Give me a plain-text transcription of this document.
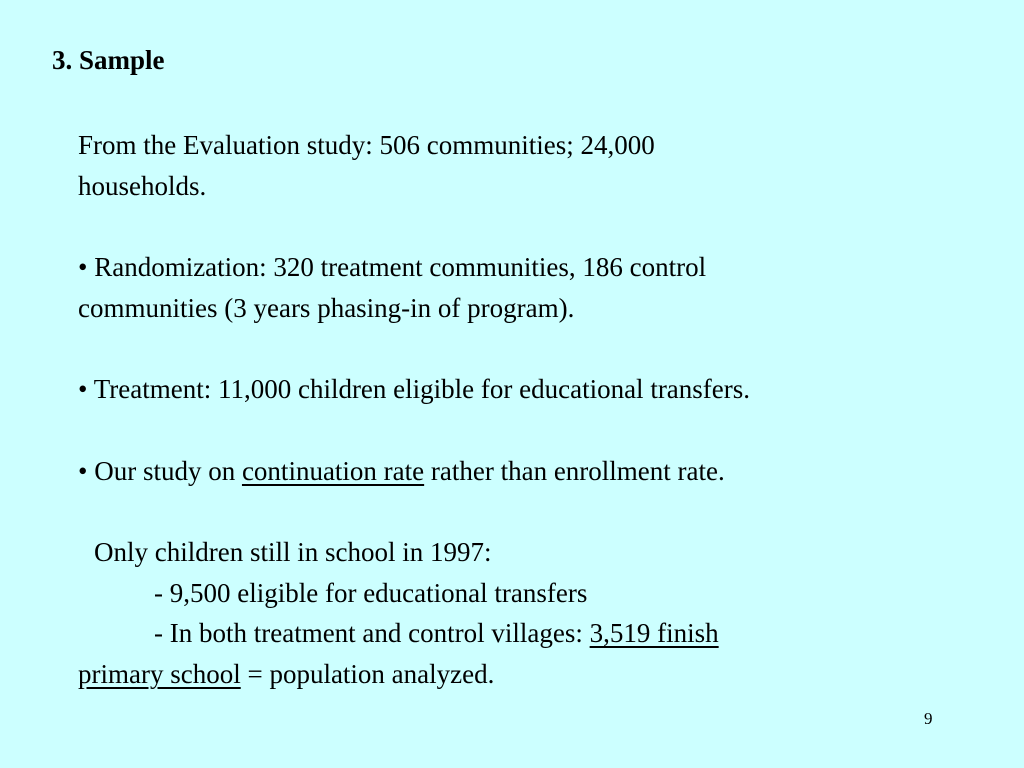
3. Sample
From the Evaluation study: 506 communities; 24,000
households.
• Randomization: 320 treatment communities, 186 control
communities (3 years phasing-in of program).
• Treatment: 11,000 children eligible for educational transfers.
• Our study on continuation rate rather than enrollment rate.
Only children still in school in 1997:
- 9,500 eligible for educational transfers
- In both treatment and control villages: 3,519 finish
primary school = population analyzed.
9
